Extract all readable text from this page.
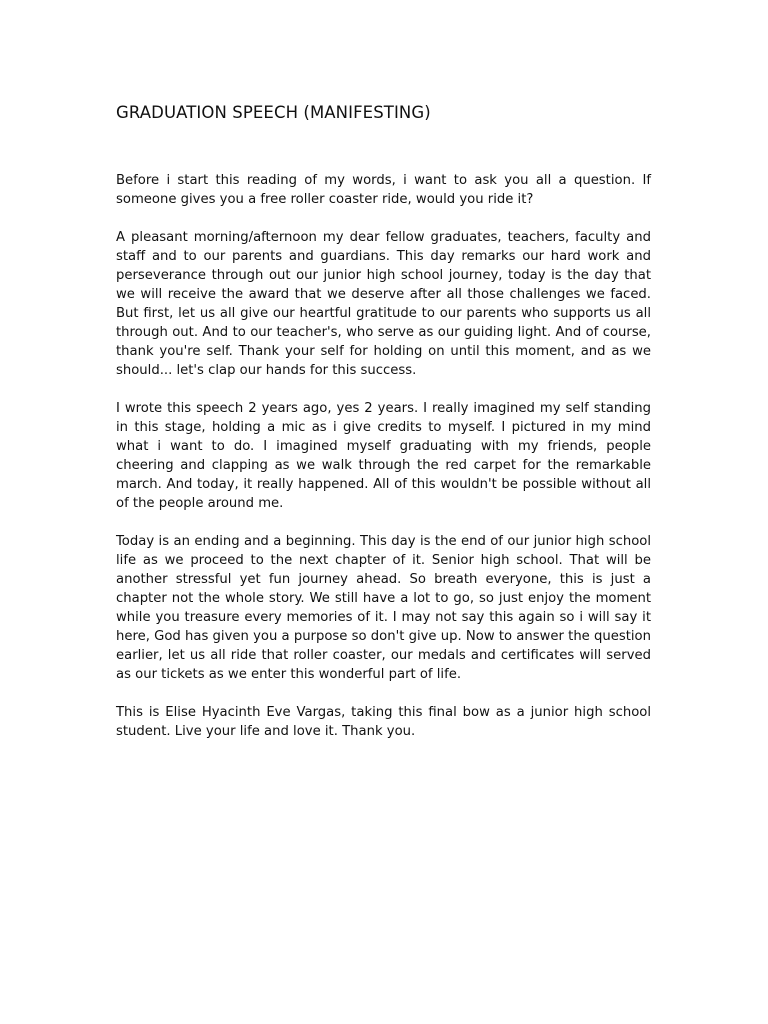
GRADUATION SPEECH (MANIFESTING)

Before i start this reading of my words, i want to ask you all a question. If someone gives you a free roller coaster ride, would you ride it?

A pleasant morning/afternoon my dear fellow graduates, teachers, faculty and staff and to our parents and guardians. This day remarks our hard work and perseverance through out our junior high school journey, today is the day that we will receive the award that we deserve after all those challenges we faced. But first, let us all give our heartful gratitude to our parents who supports us all through out. And to our teacher's, who serve as our guiding light. And of course, thank you're self. Thank your self for holding on until this moment, and as we should... let's clap our hands for this success.

I wrote this speech 2 years ago, yes 2 years. I really imagined my self standing in this stage, holding a mic as i give credits to myself. I pictured in my mind what i want to do. I imagined myself graduating with my friends, people cheering and clapping as we walk through the red carpet for the remarkable march. And today, it really happened. All of this wouldn't be possible without all of the people around me.

Today is an ending and a beginning. This day is the end of our junior high school life as we proceed to the next chapter of it. Senior high school. That will be another stressful yet fun journey ahead. So breath everyone, this is just a chapter not the whole story. We still have a lot to go, so just enjoy the moment while you treasure every memories of it. I may not say this again so i will say it here, God has given you a purpose so don't give up. Now to answer the question earlier, let us all ride that roller coaster, our medals and certificates will served as our tickets as we enter this wonderful part of life.

This is Elise Hyacinth Eve Vargas, taking this final bow as a junior high school student. Live your life and love it. Thank you.
